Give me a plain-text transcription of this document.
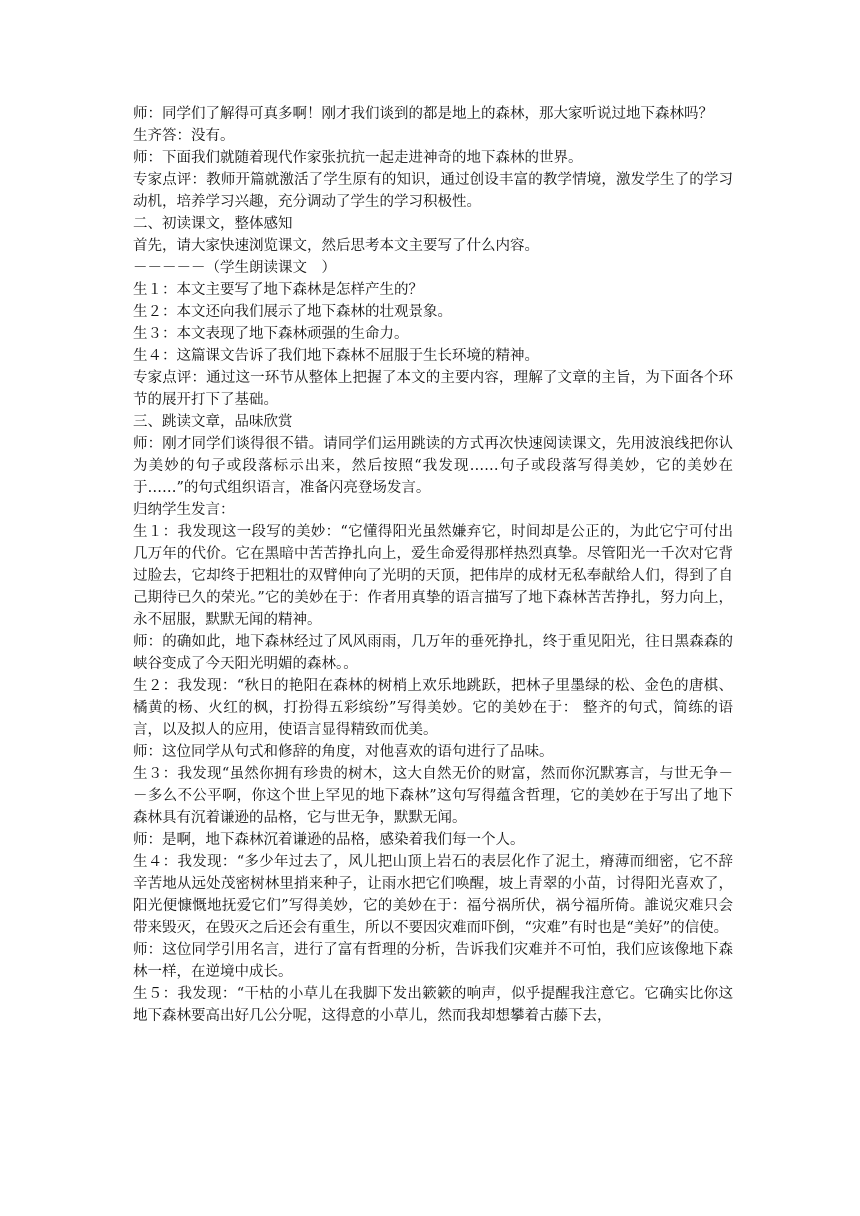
师：同学们了解得可真多啊！刚才我们谈到的都是地上的森林，那大家听说过地下森林吗？

生齐答：没有。

师：下面我们就随着现代作家张抗抗一起走进神奇的地下森林的世界。

专家点评：教师开篇就激活了学生原有的知识，通过创设丰富的教学情境，激发学生了的学习动机，培养学习兴趣，充分调动了学生的学习积极性。

二、初读课文，整体感知

首先，请大家快速浏览课文，然后思考本文主要写了什么内容。

－－－－－（学生朗读课文　）

生１：本文主要写了地下森林是怎样产生的？

生２：本文还向我们展示了地下森林的壮观景象。

生３：本文表现了地下森林顽强的生命力。

生４：这篇课文告诉了我们地下森林不屈服于生长环境的精神。

专家点评：通过这一环节从整体上把握了本文的主要内容，理解了文章的主旨，为下面各个环节的展开打下了基础。

三、跳读文章，品味欣赏

师：刚才同学们谈得很不错。请同学们运用跳读的方式再次快速阅读课文，先用波浪线把你认为美妙的句子或段落标示出来，然后按照“我发现……句子或段落写得美妙，它的美妙在于……”的句式组织语言，准备闪亮登场发言。

归纳学生发言：

生１：我发现这一段写的美妙：“它懂得阳光虽然嫌弃它，时间却是公正的，为此它宁可付出几万年的代价。它在黑暗中苦苦挣扎向上，爱生命爱得那样热烈真挚。尽管阳光一千次对它背过脸去，它却终于把粗壮的双臂伸向了光明的天顶，把伟岸的成材无私奉献给人们，得到了自己期待已久的荣光。”它的美妙在于：作者用真挚的语言描写了地下森林苦苦挣扎，努力向上，永不屈服，默默无闻的精神。

师：的确如此，地下森林经过了风风雨雨，几万年的垂死挣扎，终于重见阳光，往日黑森森的峡谷变成了今天阳光明媚的森林。。

生２：我发现：“秋日的艳阳在森林的树梢上欢乐地跳跃，把林子里墨绿的松、金色的唐棋、橘黄的杨、火红的枫，打扮得五彩缤纷”写得美妙。它的美妙在于： 整齐的句式，简练的语言，以及拟人的应用，使语言显得精致而优美。

师：这位同学从句式和修辞的角度，对他喜欢的语句进行了品味。

生３：我发现“虽然你拥有珍贵的树木，这大自然无价的财富，然而你沉默寡言，与世无争－－多么不公平啊，你这个世上罕见的地下森林”这句写得蕴含哲理，它的美妙在于写出了地下森林具有沉着谦逊的品格，它与世无争，默默无闻。

师：是啊，地下森林沉着谦逊的品格，感染着我们每一个人。

生４：我发现：“多少年过去了，风儿把山顶上岩石的表层化作了泥土，瘠薄而细密，它不辞辛苦地从远处茂密树林里捎来种子，让雨水把它们唤醒，坡上青翠的小苗，讨得阳光喜欢了，阳光便慷慨地抚爱它们”写得美妙，它的美妙在于：福兮祸所伏，祸兮福所倚。誰说灾难只会带来毁灭，在毁灭之后还会有重生，所以不要因灾难而吓倒，“灾难”有时也是“美好”的信使。

师：这位同学引用名言，进行了富有哲理的分析，告诉我们灾难并不可怕，我们应该像地下森林一样，在逆境中成长。

生５：我发现：“干枯的小草儿在我脚下发出簌簌的响声，似乎提醒我注意它。它确实比你这地下森林要高出好几公分呢，这得意的小草儿，然而我却想攀着古藤下去，
